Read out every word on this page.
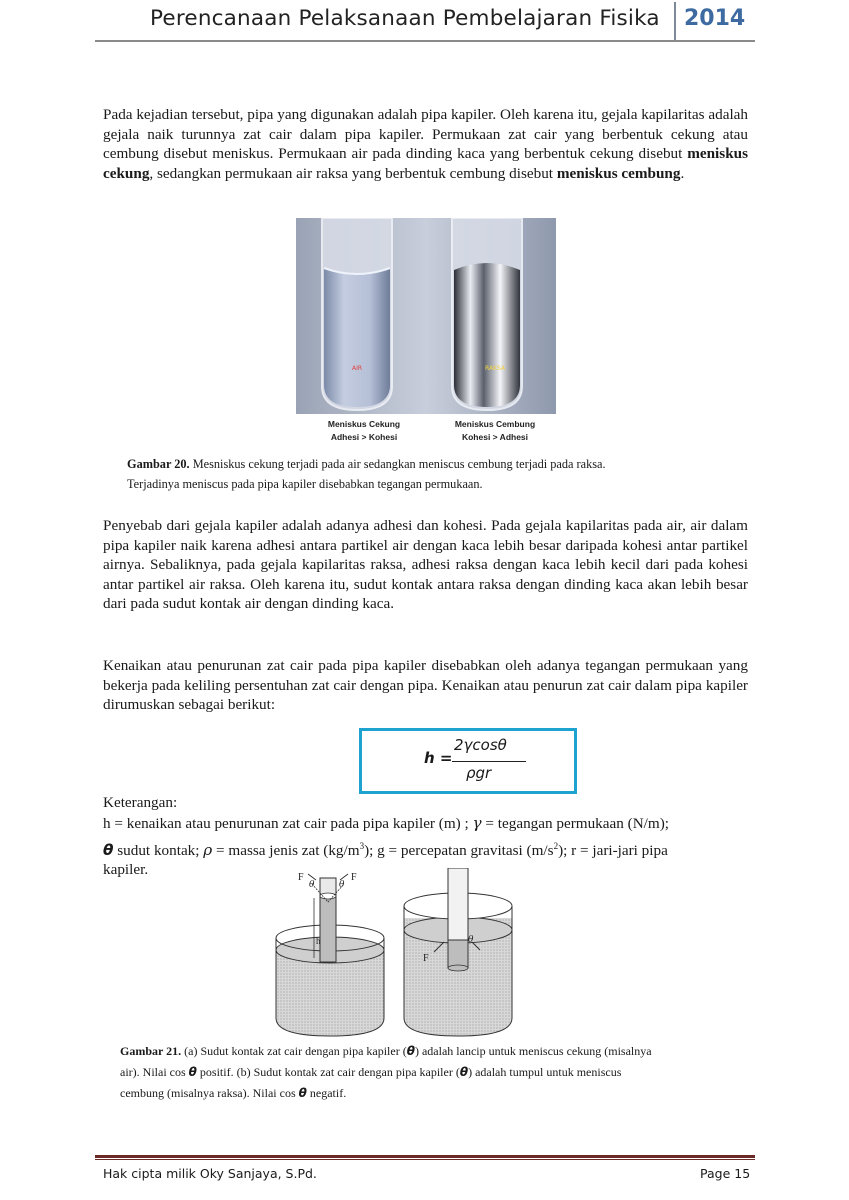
Perencanaan Pelaksanaan Pembelajaran Fisika 2014

Pada kejadian tersebut, pipa yang digunakan adalah pipa kapiler. Oleh karena itu, gejala kapilaritas adalah gejala naik turunnya zat cair dalam pipa kapiler. Permukaan zat cair yang berbentuk cekung atau cembung disebut meniskus. Permukaan air pada dinding kaca yang berbentuk cekung disebut meniskus cekung, sedangkan permukaan air raksa yang berbentuk cembung disebut meniskus cembung.

AIR	RAKSA
Meniskus Cekung
Adhesi > Kohesi
Meniskus Cembung
Kohesi > Adhesi

Gambar 20. Mesniskus cekung terjadi pada air sedangkan meniscus cembung terjadi pada raksa.
Terjadinya meniscus pada pipa kapiler disebabkan tegangan permukaan.

Penyebab dari gejala kapiler adalah adanya adhesi dan kohesi. Pada gejala kapilaritas pada air, air dalam pipa kapiler naik karena adhesi antara partikel air dengan kaca lebih besar daripada kohesi antar partikel airnya. Sebaliknya, pada gejala kapilaritas raksa, adhesi raksa dengan kaca lebih kecil dari pada kohesi antar partikel air raksa. Oleh karena itu, sudut kontak antara raksa dengan dinding kaca akan lebih besar dari pada sudut kontak air dengan dinding kaca.

Kenaikan atau penurunan zat cair pada pipa kapiler disebabkan oleh adanya tegangan permukaan yang bekerja pada keliling persentuhan zat cair dengan pipa. Kenaikan atau penurun zat cair dalam pipa kapiler dirumuskan sebagai berikut:

h =
2γcosθ
ρgr

Keterangan:

h = kenaikan atau penurunan zat cair pada pipa kapiler (m) ; γ = tegangan permukaan (N/m);

θ sudut kontak; ρ = massa jenis zat $(kg/m^3)$; g = percepatan gravitasi $(m/s^2)$; r = jari-jari pipa

kapiler.	F	F
θ	θ
h
F
θ

Gambar 21. (a) Sudut kontak zat cair dengan pipa kapiler (θ) adalah lancip untuk meniscus cekung (misalnya
air). Nilai cos θ positif. (b) Sudut kontak zat cair dengan pipa kapiler (θ) adalah tumpul untuk meniscus
cembung (misalnya raksa). Nilai cos θ negatif.

Hak cipta milik Oky Sanjaya, S.Pd.	Page 15
